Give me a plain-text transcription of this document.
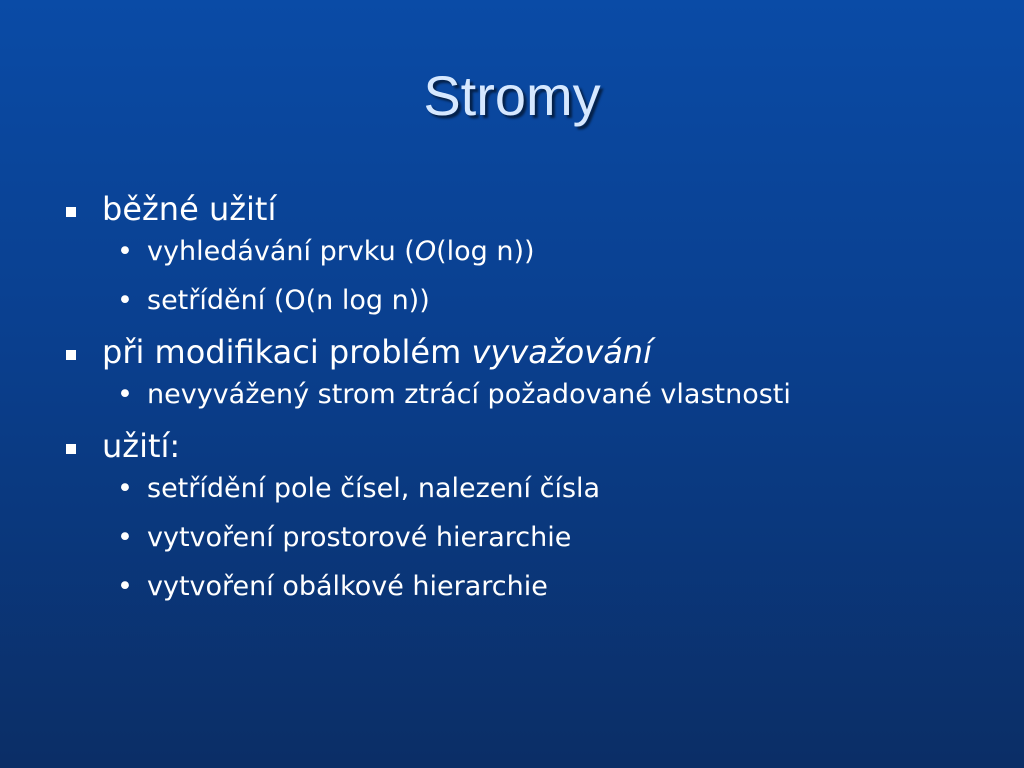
Stromy
běžné užití
• vyhledávání prvku (O(log n))
• setřídění (O(n log n))
při modifikaci problém vyvažování
• nevyvážený strom ztrácí požadované vlastnosti
užití:
• setřídění pole čísel, nalezení čísla
• vytvoření prostorové hierarchie
• vytvoření obálkové hierarchie
